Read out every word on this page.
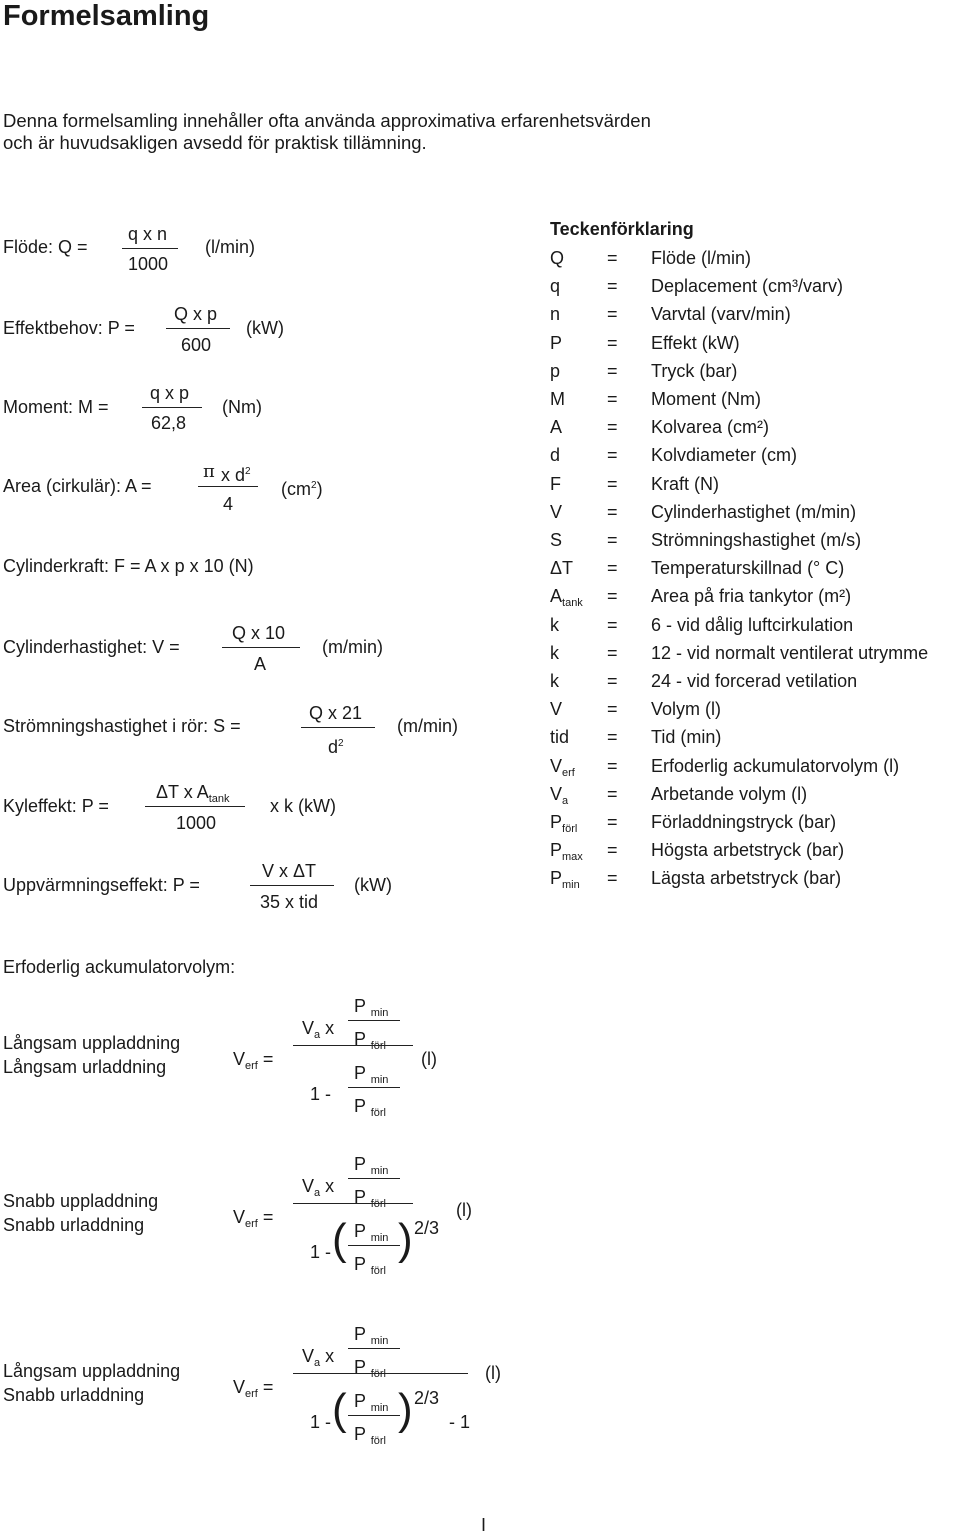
Formelsamling
Denna formelsamling innehåller ofta använda approximativa erfarenhetsvärden
och är huvudsakligen avsedd för praktisk tillämning.
Flöde: Q =
q x n
1000
(l/min)
Effektbehov: P =
Q x p
600
(kW)
Moment: M =
q x p
62,8
(Nm)
Area (cirkulär): A =
π x $d^2$
4
$(cm^2)$
Cylinderkraft: F = A x p x 10 (N)
Cylinderhastighet: V =
Q x 10
A
(m/min)
Strömningshastighet i rör: S =
Q x 21
$d^2$
(m/min)
Kyleffekt: P =
ΔT x $A_{tank}$
1000
x k (kW)
Uppvärmningseffekt: P =
V x ΔT
35 x tid
(kW)
Teckenförklaring
Q = Flöde (l/min)
q	= Deplacement (cm³/varv)
n	= Varvtal (varv/min)
P = Effekt (kW)
p	= Tryck (bar)
M = Moment (Nm)
A = Kolvarea (cm²)
d	= Kolvdiameter (cm)
F	= Kraft (N)
V = Cylinderhastighet (m/min)
S = Strömningshastighet (m/s)
ΔT = Temperaturskillnad (° C)
$A_{tank}$ = Area på fria tankytor (m²)
k	= 6 - vid dålig luftcirkulation
k	= 12 - vid normalt ventilerat utrymme
k	= 24 - vid forcerad vetilation
V = Volym (l)
tid = Tid (min)
$V_{erf}$ = Erfoderlig ackumulatorvolym (l)
$V_a$ = Arbetande volym (l)
$P_{förl}$ = Förladdningstryck (bar)
$P_{max}$ = Högsta arbetstryck (bar)
$P_{min}$ = Lägsta arbetstryck (bar)
Erfoderlig ackumulatorvolym:
Långsam uppladdning
Långsam urladdning	$V_{erf}$ =
$V_a$ x
P $_{min}$
P $_{förl}$
1 -
P $_{min}$
P $_{förl}$
(l)
Snabb uppladdning
Snabb urladdning	$V_{erf}$ =
$V_a$ x
P $_{min}$
P $_{förl}$
1 - ( P $_{min}$
P $_{förl}$
) 2/3
(l)
Långsam uppladdning
Snabb urladdning	$V_{erf}$ =
$V_a$ x
P $_{min}$
P $_{förl}$
1 - ( P $_{min}$
P $_{förl}$
) 2/3
- 1
(l)
I
